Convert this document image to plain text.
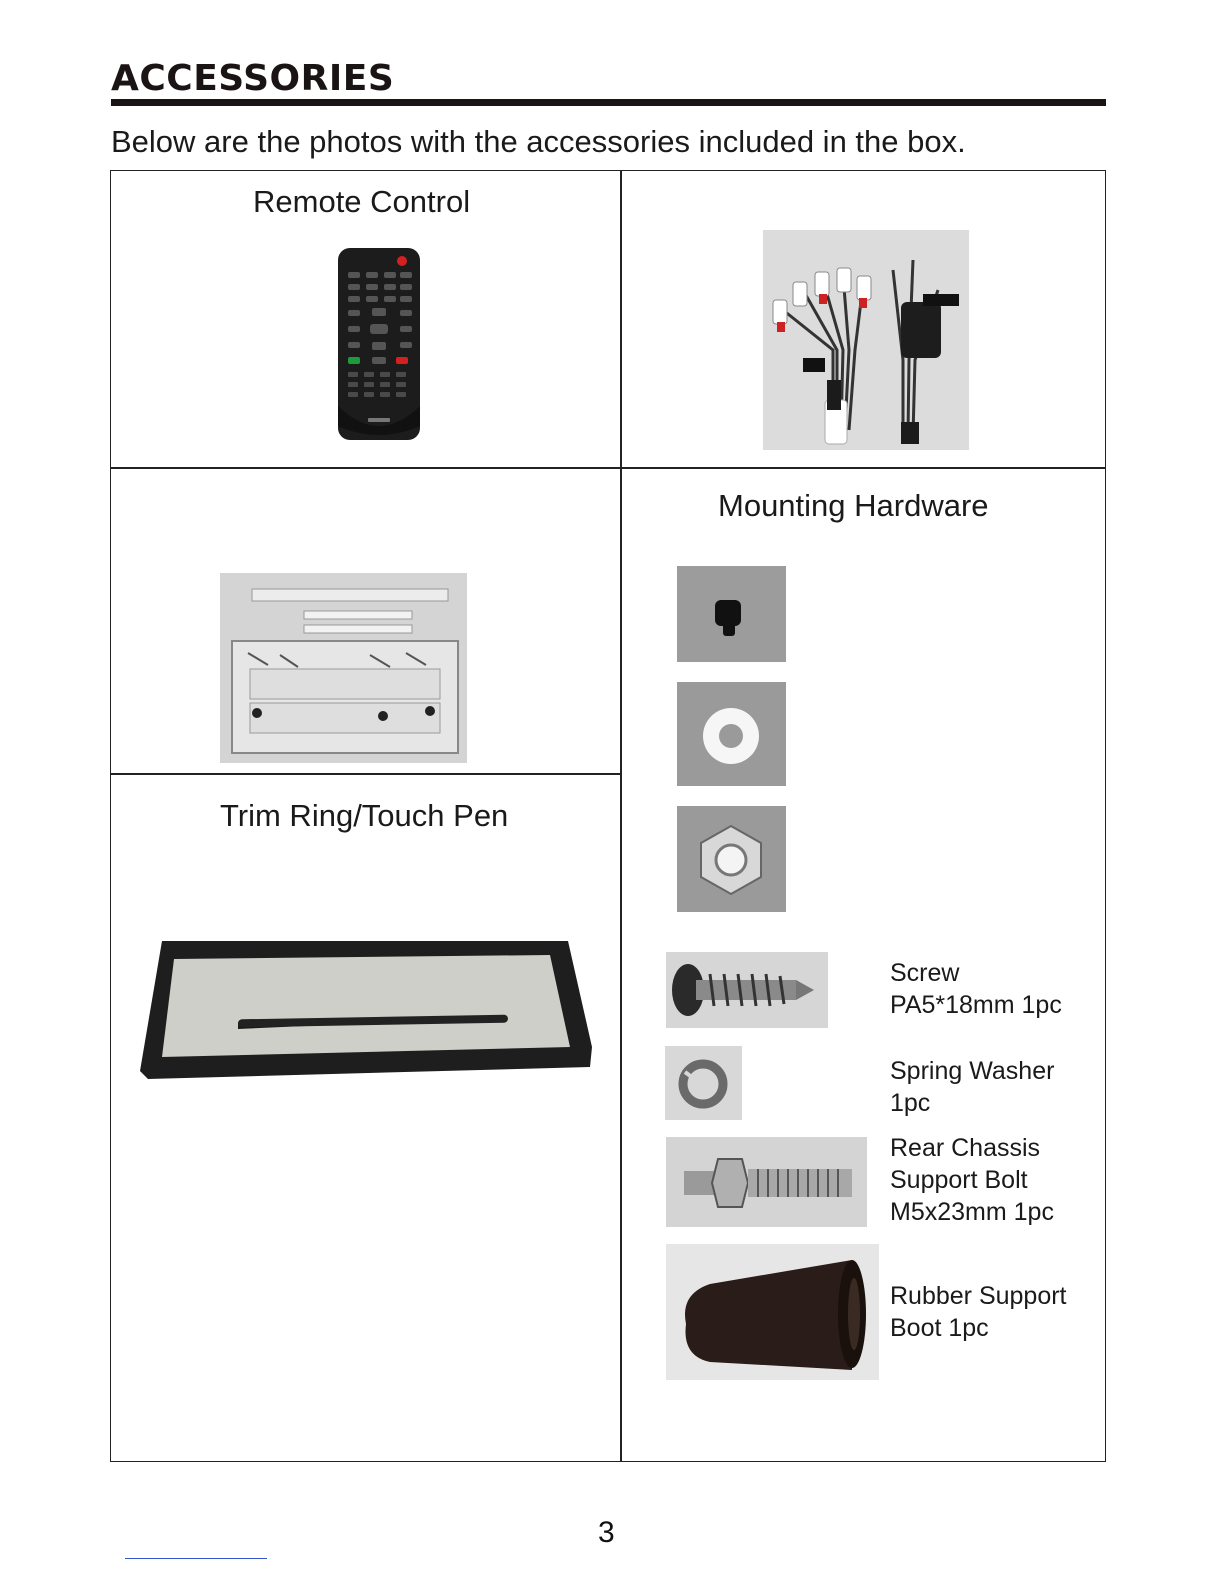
ACCESSORIES
Below are the photos with the accessories included in the box.
Remote Control
Trim Ring/Touch Pen
Mounting Hardware
Screw
PA5*18mm 1pc
Spring Washer
1pc
Rear Chassis
Support Bolt
M5x23mm 1pc
Rubber Support
Boot 1pc
3
